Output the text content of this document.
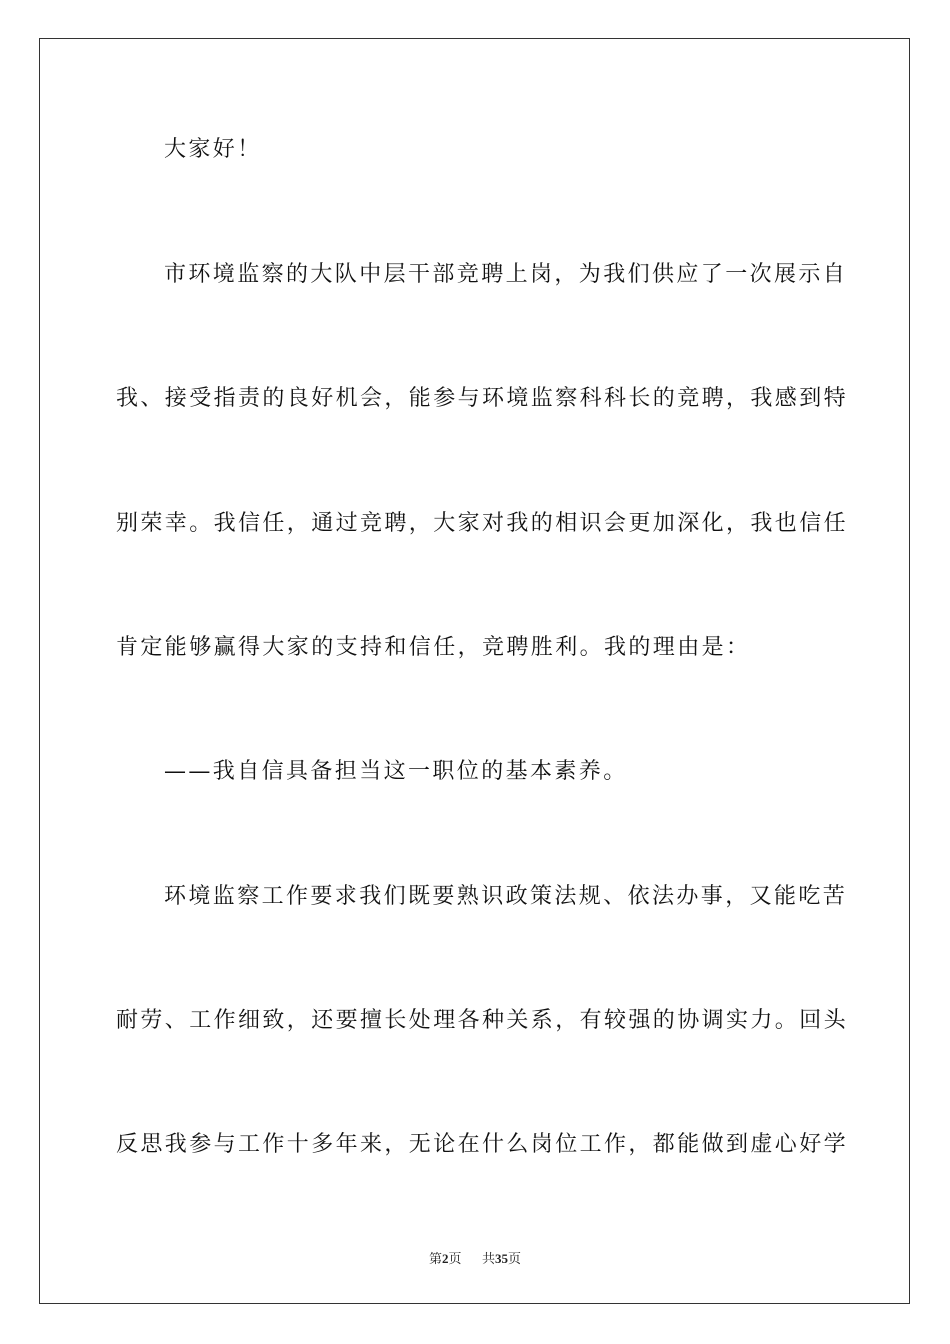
大家好！
市环境监察的大队中层干部竞聘上岗，为我们供应了一次展示自
我、接受指责的良好机会，能参与环境监察科科长的竞聘，我感到特
别荣幸。我信任，通过竞聘，大家对我的相识会更加深化，我也信任
肯定能够赢得大家的支持和信任，竞聘胜利。我的理由是：
——我自信具备担当这一职位的基本素养。
环境监察工作要求我们既要熟识政策法规、依法办事，又能吃苦
耐劳、工作细致，还要擅长处理各种关系，有较强的协调实力。回头
反思我参与工作十多年来，无论在什么岗位工作，都能做到虚心好学
第2页 共35页
